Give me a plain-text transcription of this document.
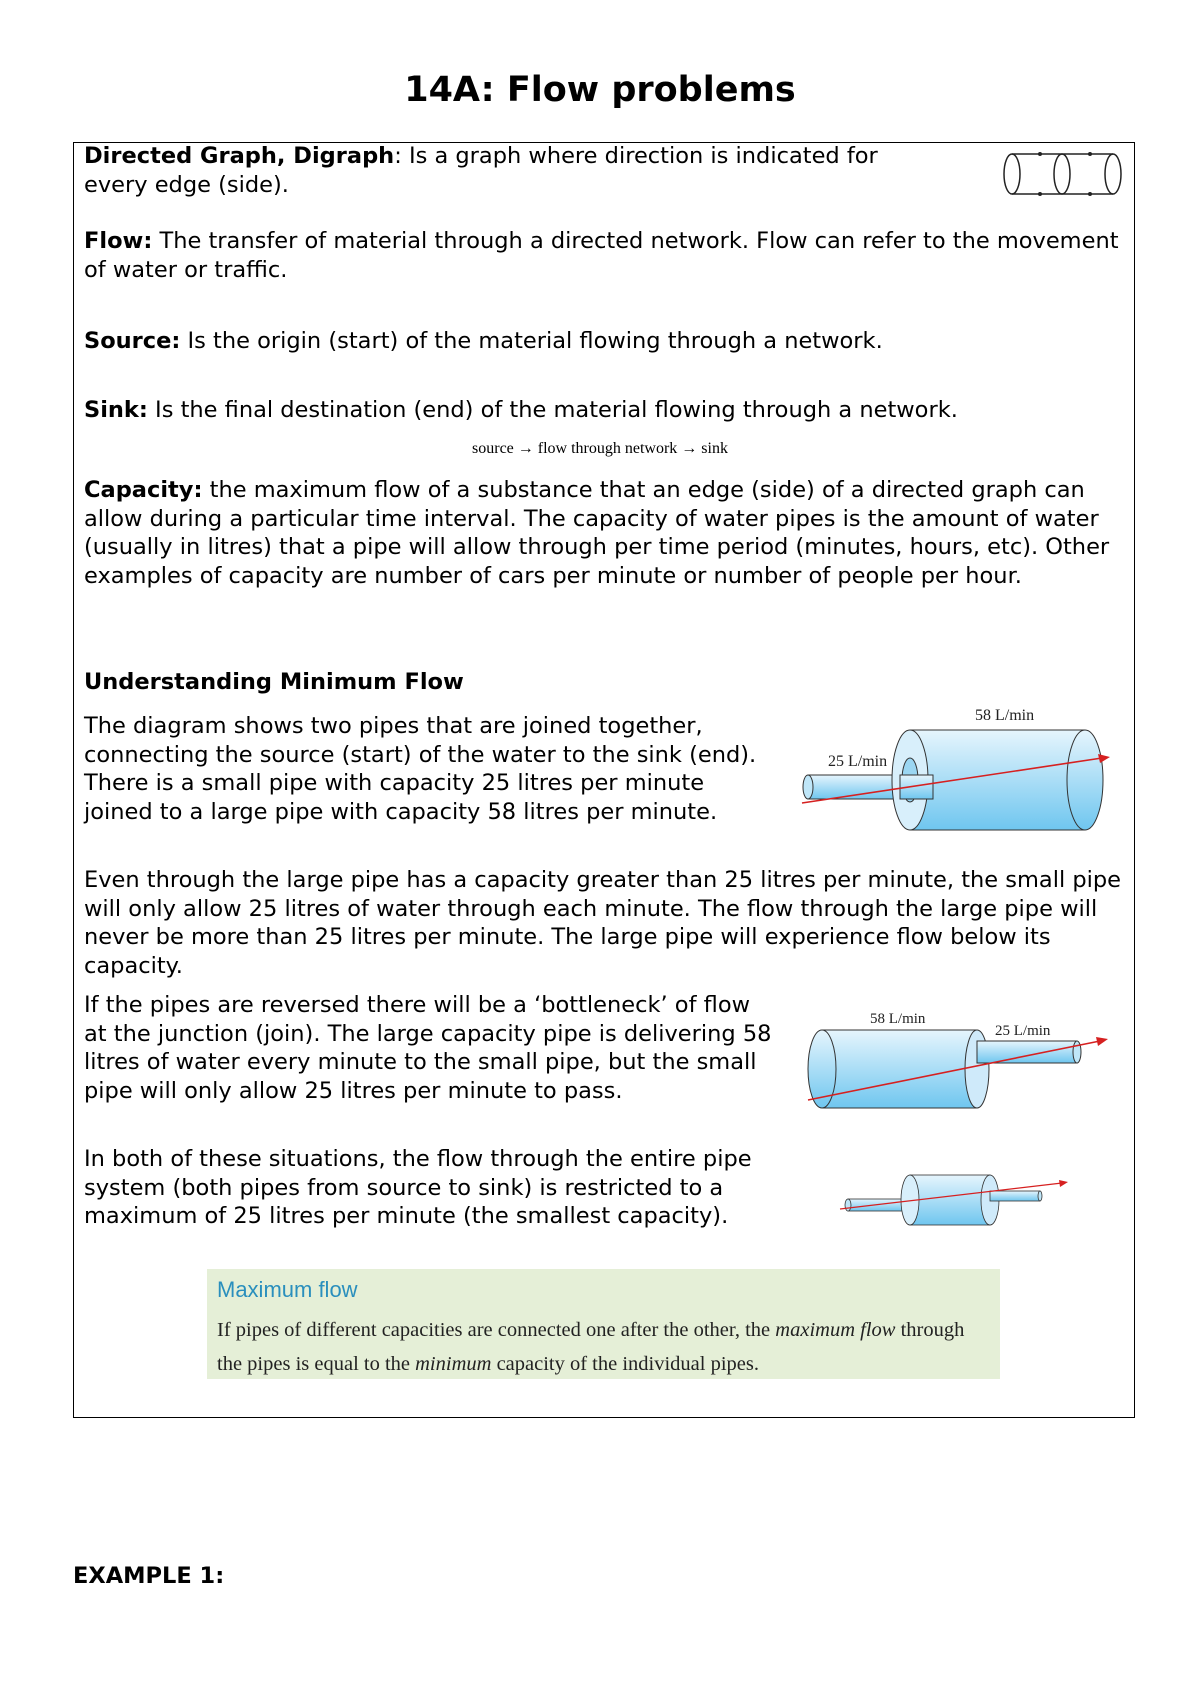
14A: Flow problems

Directed Graph, Digraph: Is a graph where direction is indicated for every edge (side).

Flow: The transfer of material through a directed network. Flow can refer to the movement of water or traffic.

Source: Is the origin (start) of the material flowing through a network.

Sink: Is the final destination (end) of the material flowing through a network.

source → flow through network → sink

Capacity: the maximum flow of a substance that an edge (side) of a directed graph can allow during a particular time interval. The capacity of water pipes is the amount of water (usually in litres) that a pipe will allow through per time period (minutes, hours, etc). Other examples of capacity are number of cars per minute or number of people per hour.

Understanding Minimum Flow

The diagram shows two pipes that are joined together, connecting the source (start) of the water to the sink (end). There is a small pipe with capacity 25 litres per minute joined to a large pipe with capacity 58 litres per minute.

58 L/min
25 L/min

Even through the large pipe has a capacity greater than 25 litres per minute, the small pipe will only allow 25 litres of water through each minute. The flow through the large pipe will never be more than 25 litres per minute. The large pipe will experience flow below its capacity.

If the pipes are reversed there will be a ‘bottleneck’ of flow at the junction (join). The large capacity pipe is delivering 58 litres of water every minute to the small pipe, but the small pipe will only allow 25 litres per minute to pass.

58 L/min
25 L/min

In both of these situations, the flow through the entire pipe system (both pipes from source to sink) is restricted to a maximum of 25 litres per minute (the smallest capacity).

Maximum flow

If pipes of different capacities are connected one after the other, the maximum flow through the pipes is equal to the minimum capacity of the individual pipes.

EXAMPLE 1:
